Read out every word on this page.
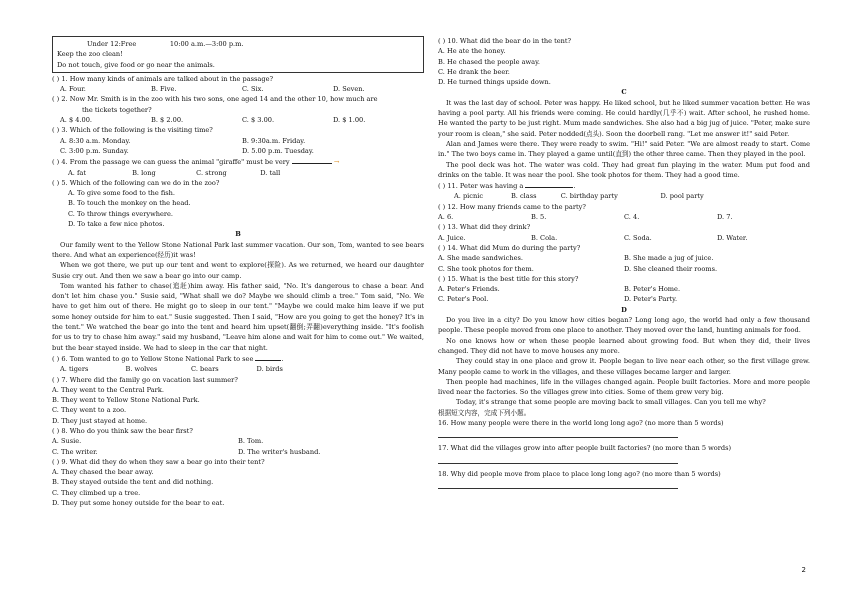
Under 12:Free                10:00 a.m.—3:00 p.m.
Keep the zoo clean!
Do not touch, give food or go near the animals.
( ) 1. How many kinds of animals are talked about in the passage?
A. Four.	B. Five.	C. Six.	D. Seven.
( ) 2. Now Mr. Smith is in the zoo with his two sons, one aged 14 and the other 10, how much are
the tickets together?
A. $ 4.00.	B. $ 2.00.	C. $ 3.00.	D. $ 1.00.
( ) 3. Which of the following is the visiting time?
A. 8:30 a.m. Monday.	B. 9:30a.m. Friday.
C. 3:00 p.m. Sunday.	D. 5.00 p.m. Tuesday.
( ) 4. From the passage we can guess the animal "giraffe" must be very	→
A. fat	B. long	C. strong	D. tall
( ) 5. Which of the following can we do in the zoo?
A. To give some food to the fish.
B. To touch the monkey on the head.
C. To throw things everywhere.
D. To take a few nice photos.
B
Our family went to the Yellow Stone National Park last summer vacation. Our son, Tom, wanted to see bears there. And what an experience(经历)it was!
When we got there, we put up our tent and went to explore(探险). As we returned, we heard our daughter Susie cry out. And then we saw a bear go into our camp.
Tom wanted his father to chase(追赶)him away. His father said, "No. It's dangerous to chase a bear. And don't let him chase you." Susie said, "What shall we do? Maybe we should climb a tree." Tom said, "No. We have to get him out of there. He might go to sleep in our tent." "Maybe we could make him leave if we put some honey outside for him to eat." Susie suggested. Then I said, "How are you going to get the honey? It's in the tent." We watched the bear go into the tent and heard him upset(翻倒;弄翻)everything inside. "It's foolish for us to try to chase him away." said my husband, "Leave him alone and wait for him to come out." We waited, but the bear stayed inside. We had to sleep in the car that night.
( ) 6. Tom wanted to go to Yellow Stone National Park to see	.
A. tigers	B. wolves	C. bears	D. birds
( ) 7. Where did the family go on vacation last summer?
A. They went to the Central Park.
B. They went to Yellow Stone National Park.
C. They went to a zoo.
D. They just stayed at home.
( ) 8. Who do you think saw the bear first?
A. Susie.	B. Tom.
C. The writer.	D. The writer's husband.
( ) 9. What did they do when they saw a bear go into their tent?
A. They chased the bear away.
B. They stayed outside the tent and did nothing.
C. They climbed up a tree.
D. They put some honey outside for the bear to eat.
( ) 10. What did the bear do in the tent?
A. He ate the honey.
B. He chased the people away.
C. He drank the beer.
D. He turned things upside down.
C
It was the last day of school. Peter was happy. He liked school, but he liked summer vacation better. He was having a pool party. All his friends were coming. He could hardly(几乎不) wait. After school, he rushed home. He wanted the party to be just right. Mum made sandwiches. She also had a big jug of juice. "Peter, make sure your room is clean," she said. Peter nodded(点头). Soon the doorbell rang. "Let me answer it!" said Peter.
Alan and James were there. They were ready to swim. "Hi!" said Peter. "We are almost ready to start. Come in." The two boys came in. They played a game until(直到) the other three came. Then they played in the pool.
The pool deck was hot. The water was cold. They had great fun playing in the water. Mum put food and drinks on the table. It was near the pool. She took photos for them. They had a good time.
( ) 11. Peter was having a	.
A. picnic	B. class	C. birthday party	D. pool party
( ) 12. How many friends came to the party?
A. 6.	B. 5.	C. 4.	D. 7.
( ) 13. What did they drink?
A. Juice.	B. Cola.	C. Soda.	D. Water.
( ) 14. What did Mum do during the party?
A. She made sandwiches.	B. She made a jug of juice.
C. She took photos for them.	D. She cleaned their rooms.
( ) 15. What is the best title for this story?
A. Peter's Friends.	B. Peter's Home.
C. Peter's Pool.	D. Peter's Party.
D
Do you live in a city? Do you know how cities began? Long long ago, the world had only a few thousand people. These people moved from one place to another. They moved over the land, hunting animals for food.
No one knows how or when these people learned about growing food. But when they did, their lives changed. They did not have to move houses any more.
They could stay in one place and grow it. People began to live near each other, so the first village grew. Many people came to work in the villages, and these villages became larger and larger.
Then people had machines, life in the villages changed again. People built factories. More and more people lived near the factories. So the villages grew into cities. Some of them grew very big.
Today, it's strange that some people are moving back to small villages. Can you tell me why?
根据短文内容，完成下列小题。
16. How many people were there in the world long long ago? (no more than 5 words)
17. What did the villages grow into after people built factories? (no more than 5 words)
18. Why did people move from place to place long long ago? (no more than 5 words)
2
